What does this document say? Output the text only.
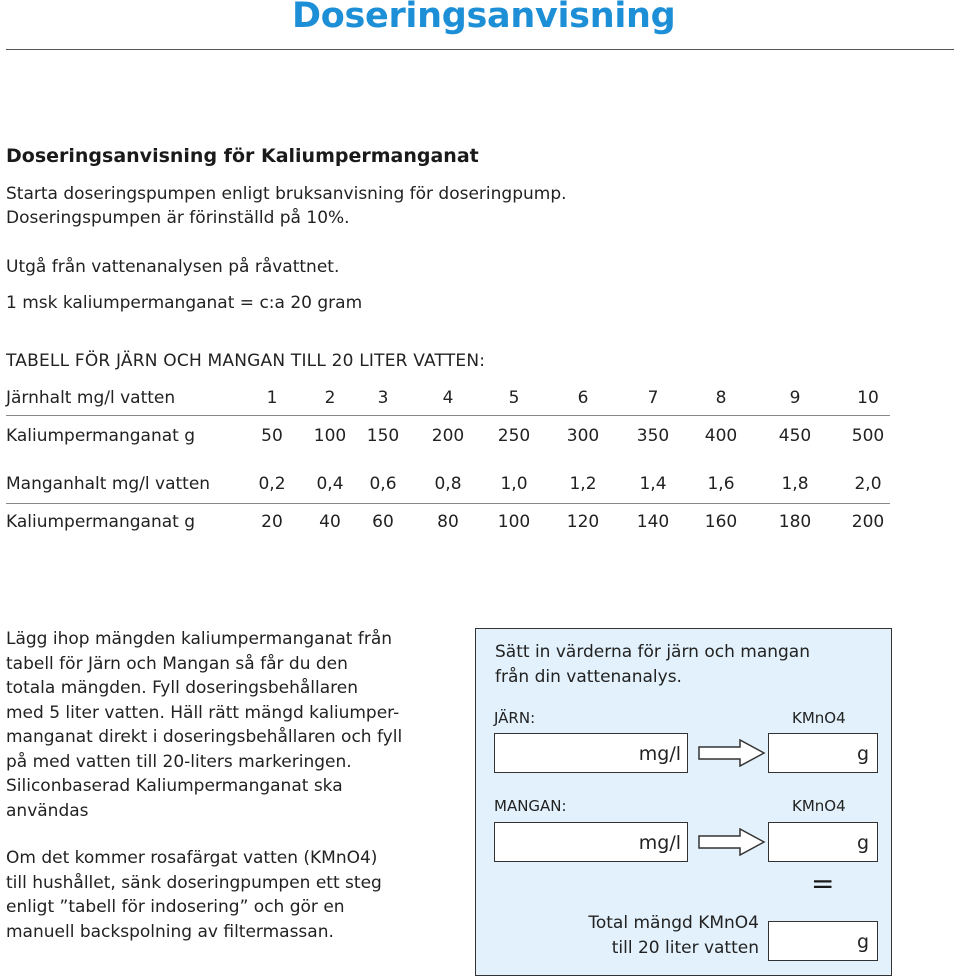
Doseringsanvisning
Doseringsanvisning för Kaliumpermanganat

Starta doseringspumpen enligt bruksanvisning för doseringpump.

Doseringspumpen är förinställd på 10%.

Utgå från vattenanalysen på råvattnet.

1 msk kaliumpermanganat = c:a 20 gram

TABELL FÖR JÄRN OCH MANGAN TILL 20 LITER VATTEN:
Järnhalt mg/l vatten	1	2	3	4	5	6	7	8	9	10
Kaliumpermanganat g	50	100	150	200	250	300	350	400	450	500
Manganhalt mg/l vatten	0,2	0,4	0,6	0,8	1,0	1,2	1,4	1,6	1,8	2,0
Kaliumpermanganat g	20	40	60	80	100	120	140	160	180	200

Lägg ihop mängden kaliumpermanganat från

tabell för Järn och Mangan så får du den

totala mängden. Fyll doseringsbehållaren

med 5 liter vatten. Häll rätt mängd kaliumper-

manganat direkt i doseringsbehållaren och fyll

på med vatten till 20-liters markeringen.

Siliconbaserad Kaliumpermanganat ska

användas

Om det kommer rosafärgat vatten (KMnO4)

till hushållet, sänk doseringpumpen ett steg

enligt ”tabell för indosering” och gör en

manuell backspolning av filtermassan.

Sätt in värderna för järn och mangan

från din vattenanalys.

JÄRN:	KMnO4
mg/l	g
MANGAN:	KMnO4
mg/l	g
=
Total mängd KMnO4
till 20 liter vatten	g
